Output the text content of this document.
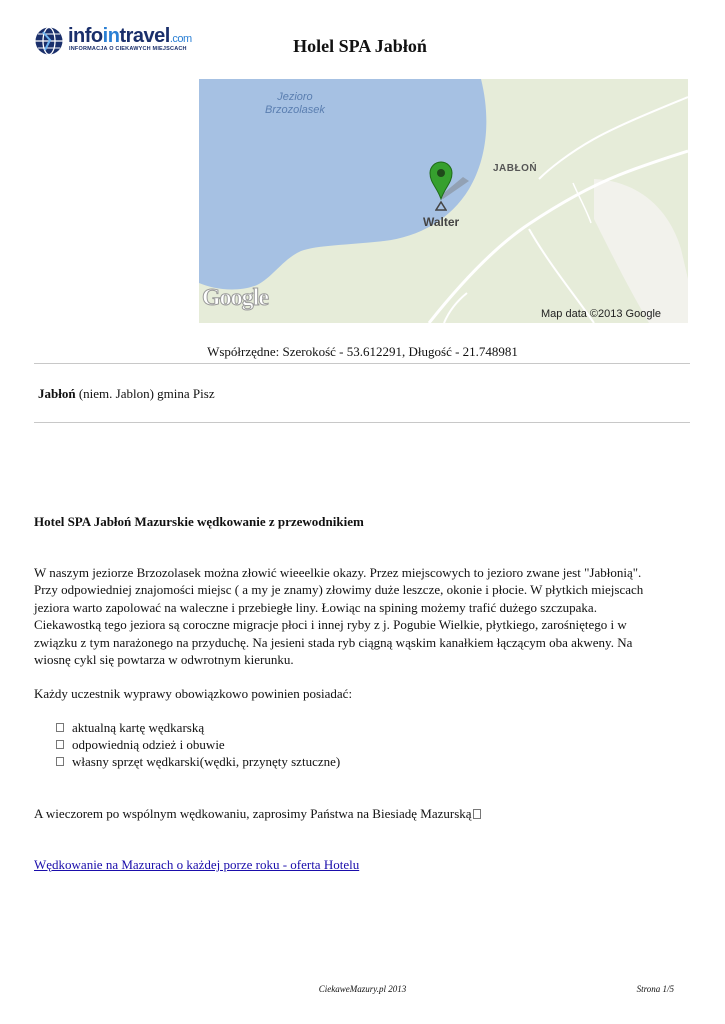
infointravel.com
INFORMACJA O CIEKAWYCH MIEJSCACH	Holel SPA Jabłoń
Jezioro
Brzozolasek
JABŁOŃ
Walter
Google
Map data ©2013 Google
Współrzędne: Szerokość - 53.612291, Długość - 21.748981
Jabłoń (niem. Jablon) gmina Pisz
Hotel SPA Jabłoń Mazurskie wędkowanie z przewodnikiem
W naszym jeziorze Brzozolasek można złowić wieeelkie okazy. Przez miejscowych to jezioro zwane jest "Jabłonią".
Przy odpowiedniej znajomości miejsc ( a my je znamy) złowimy duże leszcze, okonie i płocie. W płytkich miejscach
jeziora warto zapolować na waleczne i przebiegłe liny. Łowiąc na spining możemy trafić dużego szczupaka.
Ciekawostką tego jeziora są coroczne migracje płoci i innej ryby z j. Pogubie Wielkie, płytkiego, zarośniętego i w
związku z tym narażonego na przyduchę. Na jesieni stada ryb ciągną wąskim kanałkiem łączącym oba akweny. Na
wiosnę cykl się powtarza w odwrotnym kierunku.
Każdy uczestnik wyprawy obowiązkowo powinien posiadać:
aktualną kartę wędkarską
odpowiednią odzież i obuwie
własny sprzęt wędkarski(wędki, przynęty sztuczne)
A wieczorem po wspólnym wędkowaniu, zaprosimy Państwa na Biesiadę Mazurską
Wędkowanie na Mazurach o każdej porze roku - oferta Hotelu
CiekaweMazury.pl 2013	Strona 1/5
